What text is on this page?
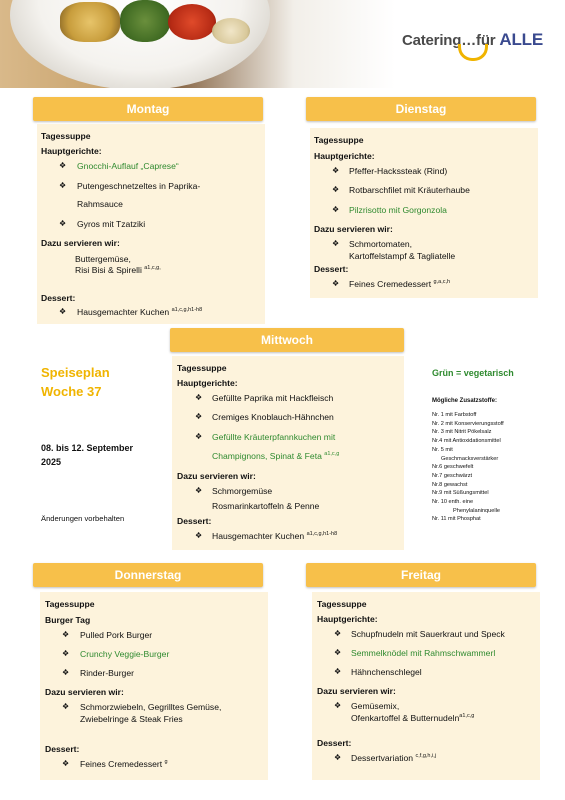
Catering…für ALLE
Montag
Tagessuppe
Hauptgerichte:
❖ Gnocchi-Auflauf „Caprese“
❖ Putengeschnetzeltes in Paprika-
Rahmsauce
❖ Gyros mit Tzatziki
Dazu servieren wir:
Buttergemüse,
Risi Bisi & Spirelli $^{a1,c,g,}$
Dessert:
❖ Hausgemachter Kuchen $^{a1,c,g,h1-h8}$
Dienstag
Tagessuppe
Hauptgerichte:
❖ Pfeffer-Hackssteak (Rind)
❖ Rotbarschfilet mit Kräuterhaube
❖ Pilzrisotto mit Gorgonzola
Dazu servieren wir:
❖ Schmortomaten,
Kartoffelstampf & Tagliatelle
Dessert:
❖ Feines Cremedessert $^{g,a,c,h}$
Speiseplan
Woche 37
08. bis 12. September
2025
Änderungen vorbehalten
Mittwoch
Tagessuppe
Hauptgerichte:
❖ Gefüllte Paprika mit Hackfleisch
❖ Cremiges Knoblauch-Hähnchen
❖ Gefüllte Kräuterpfannkuchen mit
Champignons, Spinat & Feta $^{a1,c,g}$
Dazu servieren wir:
❖ Schmorgemüse
Rosmarinkartoffeln & Penne
Dessert:
❖ Hausgemachter Kuchen $^{a1,c,g,h1-h8}$
Grün = vegetarisch
Mögliche Zusatzstoffe:
Nr. 1 mit Farbstoff
Nr. 2 mit Konservierungsstoff
Nr. 3 mit Nitrit Pökelsalz
Nr.4 mit Antioxidationsmittel
Nr. 5 mit
Geschmacksverstärker
Nr.6 geschwefelt
Nr.7 geschwärzt
Nr.8 gewachst
Nr.9 mit Süßungsmittel
Nr. 10 enth. eine
Phenylalaninquelle
Nr. 11 mit Phosphat
Donnerstag
Tagessuppe
Burger Tag
❖ Pulled Pork Burger
❖ Crunchy Veggie-Burger
❖ Rinder-Burger
Dazu servieren wir:
❖ Schmorzwiebeln, Gegrilltes Gemüse,
Zwiebelringe & Steak Fries
Dessert:
❖ Feines Cremedessert $^g$
Freitag
Tagessuppe
Hauptgerichte:
❖ Schupfnudeln mit Sauerkraut und Speck
❖ Semmelknödel mit Rahmschwammerl
❖ Hähnchenschlegel
Dazu servieren wir:
❖ Gemüsemix,
Ofenkartoffel & Butternudeln$^{a1,c,g}$
Dessert:
❖ Dessertvariation $^{c,f,g,h,i,j}$
